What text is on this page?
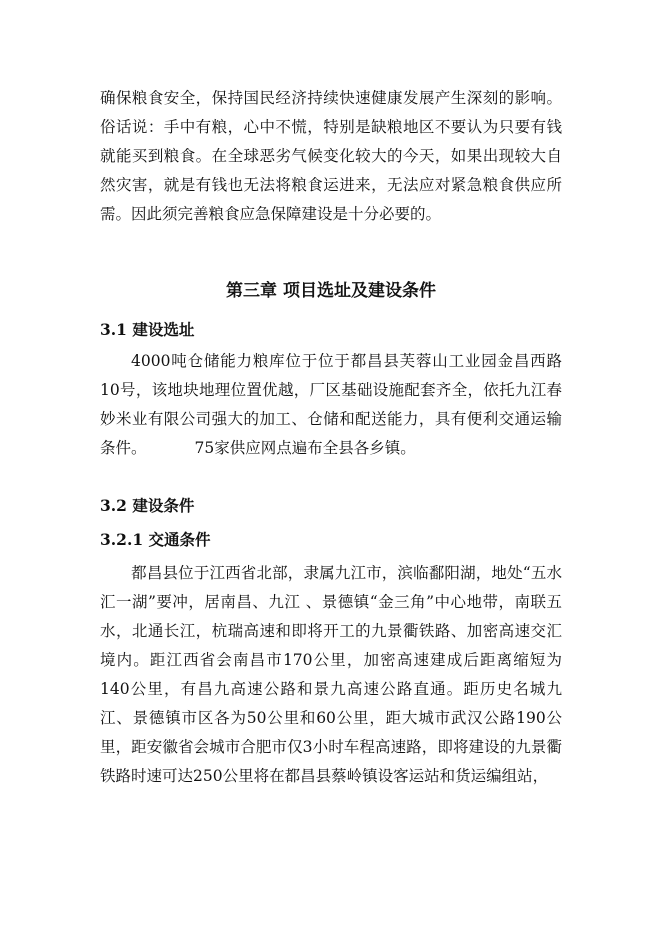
确保粮食安全，保持国民经济持续快速健康发展产生深刻的影响。俗话说：手中有粮，心中不慌，特别是缺粮地区不要认为只要有钱就能买到粮食。在全球恶劣气候变化较大的今天，如果出现较大自然灾害，就是有钱也无法将粮食运进来，无法应对紧急粮食供应所需。因此须完善粮食应急保障建设是十分必要的。

第三章 项目选址及建设条件

3.1 建设选址

4000吨仓储能力粮库位于位于都昌县芙蓉山工业园金昌西路10号，该地块地理位置优越，厂区基础设施配套齐全，依托九江春妙米业有限公司强大的加工、仓储和配送能力，具有便利交通运输条件。	75家供应网点遍布全县各乡镇。

3.2 建设条件

3.2.1 交通条件

都昌县位于江西省北部，隶属九江市，滨临鄱阳湖，地处“五水汇一湖”要冲，居南昌、九江 、景德镇“金三角”中心地带，南联五水，北通长江，杭瑞高速和即将开工的九景衢铁路、加密高速交汇境内。距江西省会南昌市170公里，加密高速建成后距离缩短为140公里，有昌九高速公路和景九高速公路直通。距历史名城九江、景德镇市区各为50公里和60公里，距大城市武汉公路190公里，距安徽省会城市合肥市仅3小时车程高速路，即将建设的九景衢铁路时速可达250公里将在都昌县蔡岭镇设客运站和货运编组站，
